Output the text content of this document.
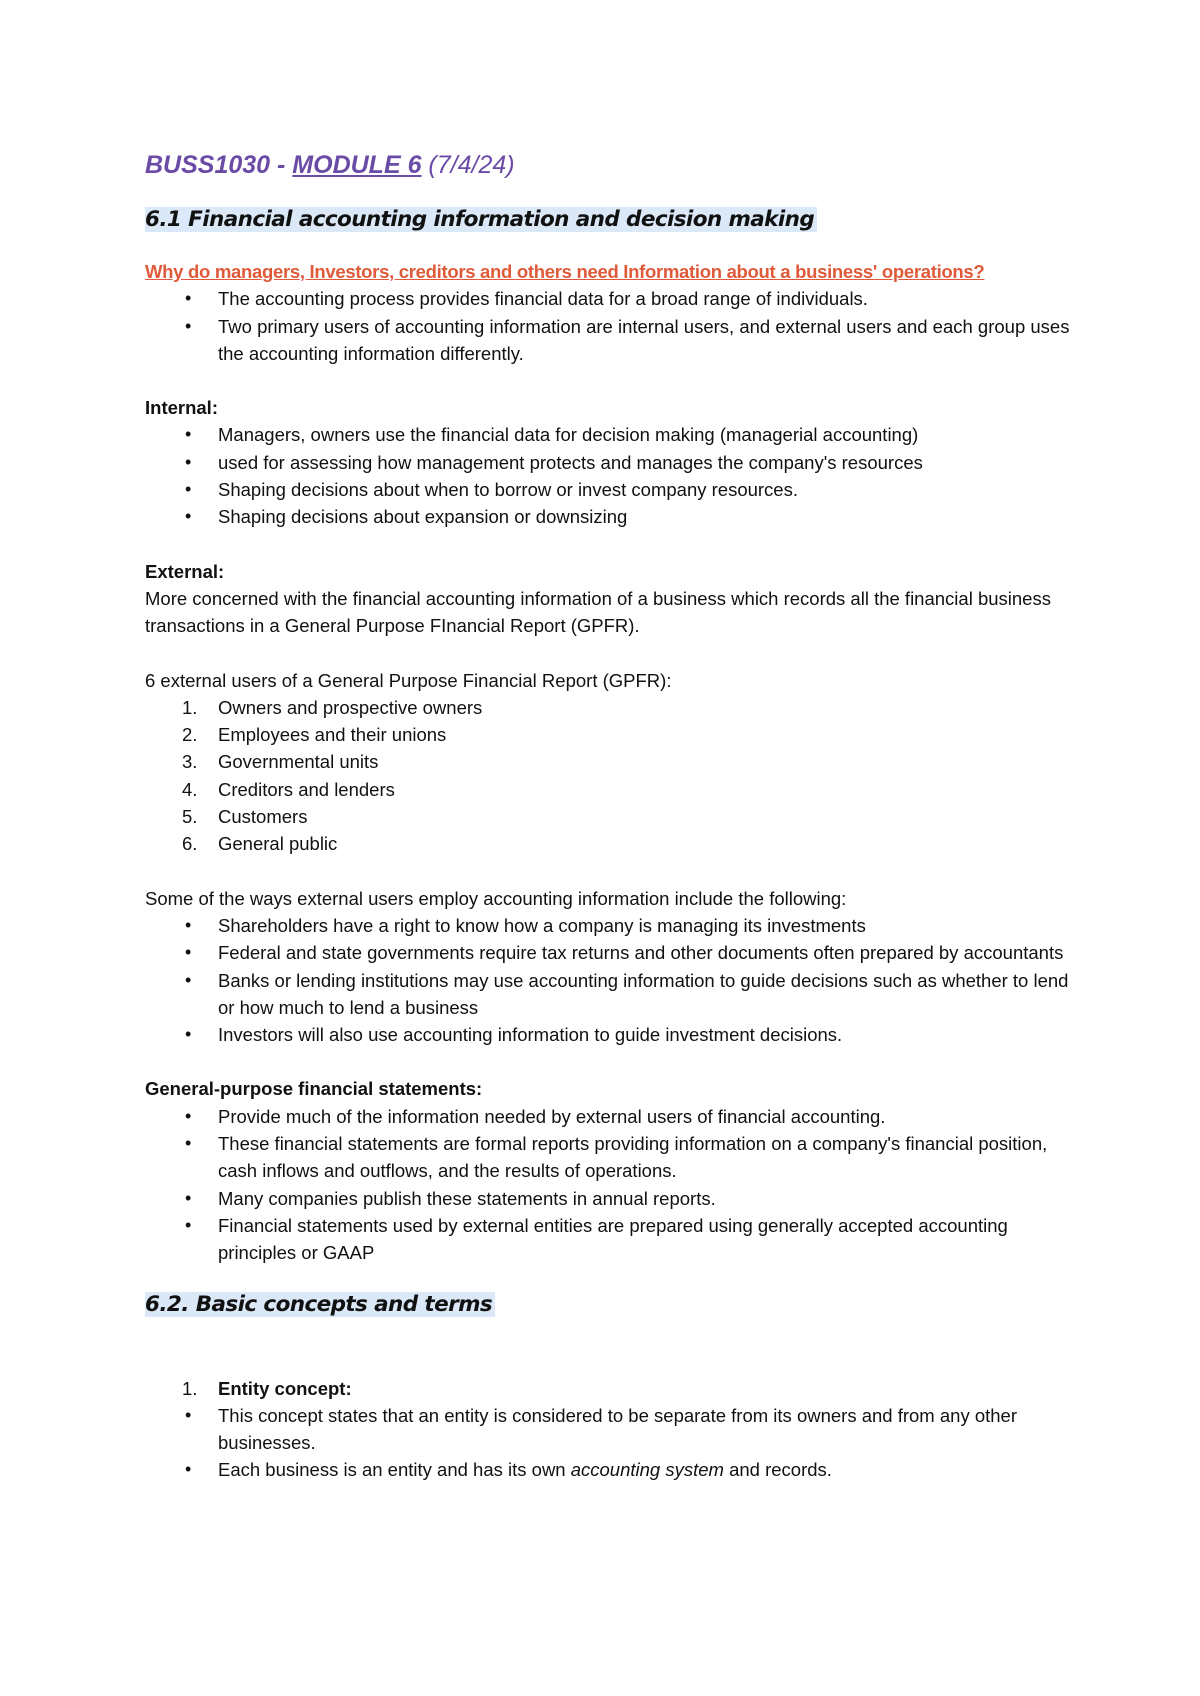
BUSS1030 - MODULE 6 (7/4/24)
6.1 Financial accounting information and decision making

Why do managers, Investors, creditors and others need Information about a business' operations?

• The accounting process provides financial data for a broad range of individuals.
• Two primary users of accounting information are internal users, and external users and each group uses the accounting information differently.

Internal:

• Managers, owners use the financial data for decision making (managerial accounting)
• used for assessing how management protects and manages the company's resources
• Shaping decisions about when to borrow or invest company resources.
• Shaping decisions about expansion or downsizing

External:

More concerned with the financial accounting information of a business which records all the financial business transactions in a General Purpose FInancial Report (GPFR).

6 external users of a General Purpose Financial Report (GPFR):

1. Owners and prospective owners
2. Employees and their unions
3. Governmental units
4. Creditors and lenders
5. Customers
6. General public

Some of the ways external users employ accounting information include the following:

• Shareholders have a right to know how a company is managing its investments
• Federal and state governments require tax returns and other documents often prepared by accountants
• Banks or lending institutions may use accounting information to guide decisions such as whether to lend or how much to lend a business
• Investors will also use accounting information to guide investment decisions.

General-purpose financial statements:

• Provide much of the information needed by external users of financial accounting.
• These financial statements are formal reports providing information on a company's financial position, cash inflows and outflows, and the results of operations.
• Many companies publish these statements in annual reports.
• Financial statements used by external entities are prepared using generally accepted accounting principles or GAAP
6.2. Basic concepts and terms
1. Entity concept:
• This concept states that an entity is considered to be separate from its owners and from any other businesses.
• Each business is an entity and has its own accounting system and records.
